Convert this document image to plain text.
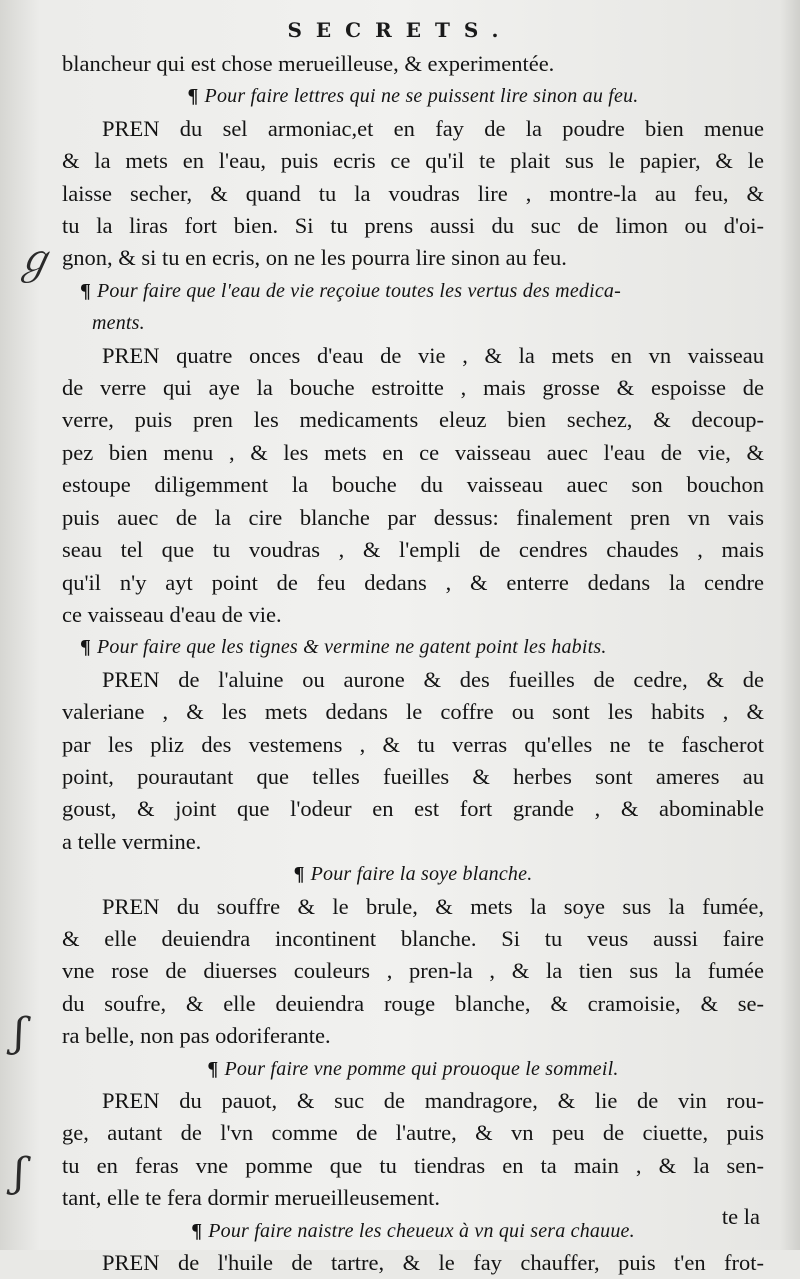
SECRETS.
blancheur qui est chose merueilleuse, & experimentée.
¶ Pour faire lettres qui ne se puissent lire sinon au feu.
PREN du sel armoniac,et en fay de la poudre bien menue
& la mets en l'eau, puis ecris ce qu'il te plait sus le papier, & le
laisse secher, & quand tu la voudras lire , montre-la au feu, &
tu la liras fort bien. Si tu prens aussi du suc de limon ou d'oi-
gnon, & si tu en ecris, on ne les pourra lire sinon au feu.
¶ Pour faire que l'eau de vie reçoiue toutes les vertus des medica-
ments.
PREN quatre onces d'eau de vie , & la mets en vn vaisseau
de verre qui aye la bouche estroitte , mais grosse & espoisse de
verre, puis pren les medicaments eleuz bien sechez, & decoup-
pez bien menu , & les mets en ce vaisseau auec l'eau de vie, &
estoupe diligemment la bouche du vaisseau auec son bouchon
puis auec de la cire blanche par dessus: finalement pren vn vais
seau tel que tu voudras , & l'empli de cendres chaudes , mais
qu'il n'y ayt point de feu dedans , & enterre dedans la cendre
ce vaisseau d'eau de vie.
¶ Pour faire que les tignes & vermine ne gatent point les habits.
PREN de l'aluine ou aurone & des fueilles de cedre, & de
valeriane , & les mets dedans le coffre ou sont les habits , &
par les pliz des vestemens , & tu verras qu'elles ne te fascherot
point, pourautant que telles fueilles & herbes sont ameres au
goust, & joint que l'odeur en est fort grande , & abominable
a telle vermine.
¶ Pour faire la soye blanche.
PREN du souffre & le brule, & mets la soye sus la fumée,
& elle deuiendra incontinent blanche. Si tu veus aussi faire
vne rose de diuerses couleurs , pren-la , & la tien sus la fumée
du soufre, & elle deuiendra rouge blanche, & cramoisie, & se-
ra belle, non pas odoriferante.
¶ Pour faire vne pomme qui prouoque le sommeil.
PREN du pauot, & suc de mandragore, & lie de vin rou-
ge, autant de l'vn comme de l'autre, & vn peu de ciuette, puis
tu en feras vne pomme que tu tiendras en ta main , & la sen-
tant, elle te fera dormir merueilleusement.
¶ Pour faire naistre les cheueux à vn qui sera chauue.
PREN de l'huile de tartre, & le fay chauffer, puis t'en frot-
ℊ
ʃ
ʃ
te la
